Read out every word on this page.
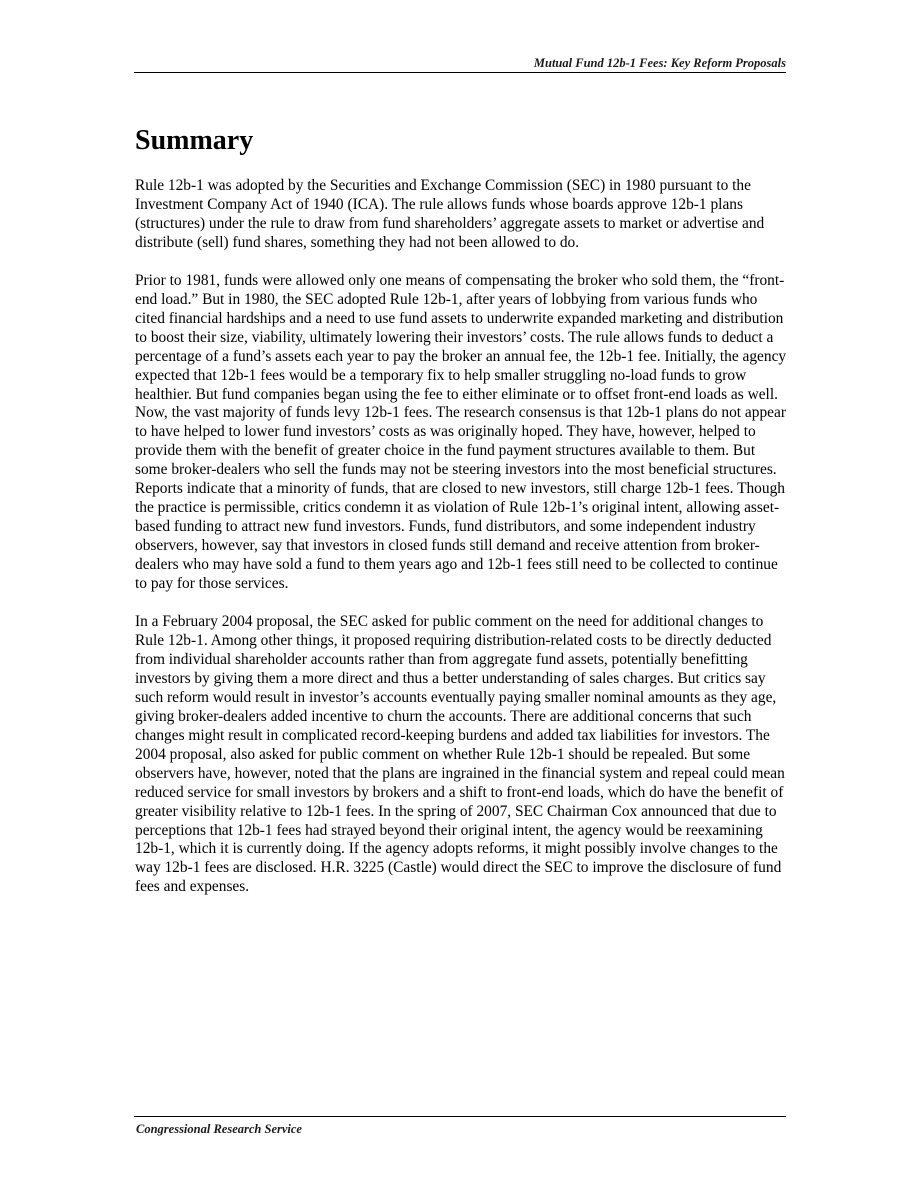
Mutual Fund 12b-1 Fees: Key Reform Proposals
Summary

Rule 12b-1 was adopted by the Securities and Exchange Commission (SEC) in 1980 pursuant to the Investment Company Act of 1940 (ICA). The rule allows funds whose boards approve 12b-1 plans (structures) under the rule to draw from fund shareholders’ aggregate assets to market or advertise and distribute (sell) fund shares, something they had not been allowed to do.

Prior to 1981, funds were allowed only one means of compensating the broker who sold them, the “front-end load.” But in 1980, the SEC adopted Rule 12b-1, after years of lobbying from various funds who cited financial hardships and a need to use fund assets to underwrite expanded marketing and distribution to boost their size, viability, ultimately lowering their investors’ costs. The rule allows funds to deduct a percentage of a fund’s assets each year to pay the broker an annual fee, the 12b-1 fee. Initially, the agency expected that 12b-1 fees would be a temporary fix to help smaller struggling no-load funds to grow healthier. But fund companies began using the fee to either eliminate or to offset front-end loads as well. Now, the vast majority of funds levy 12b-1 fees. The research consensus is that 12b-1 plans do not appear to have helped to lower fund investors’ costs as was originally hoped. They have, however, helped to provide them with the benefit of greater choice in the fund payment structures available to them. But some broker-dealers who sell the funds may not be steering investors into the most beneficial structures. Reports indicate that a minority of funds, that are closed to new investors, still charge 12b-1 fees. Though the practice is permissible, critics condemn it as violation of Rule 12b-1’s original intent, allowing asset-based funding to attract new fund investors. Funds, fund distributors, and some independent industry observers, however, say that investors in closed funds still demand and receive attention from broker-dealers who may have sold a fund to them years ago and 12b-1 fees still need to be collected to continue to pay for those services.

In a February 2004 proposal, the SEC asked for public comment on the need for additional changes to Rule 12b-1. Among other things, it proposed requiring distribution-related costs to be directly deducted from individual shareholder accounts rather than from aggregate fund assets, potentially benefitting investors by giving them a more direct and thus a better understanding of sales charges. But critics say such reform would result in investor’s accounts eventually paying smaller nominal amounts as they age, giving broker-dealers added incentive to churn the accounts. There are additional concerns that such changes might result in complicated record-keeping burdens and added tax liabilities for investors. The 2004 proposal, also asked for public comment on whether Rule 12b-1 should be repealed. But some observers have, however, noted that the plans are ingrained in the financial system and repeal could mean reduced service for small investors by brokers and a shift to front-end loads, which do have the benefit of greater visibility relative to 12b-1 fees. In the spring of 2007, SEC Chairman Cox announced that due to perceptions that 12b-1 fees had strayed beyond their original intent, the agency would be reexamining 12b-1, which it is currently doing. If the agency adopts reforms, it might possibly involve changes to the way 12b-1 fees are disclosed. H.R. 3225 (Castle) would direct the SEC to improve the disclosure of fund fees and expenses.

Congressional Research Service
